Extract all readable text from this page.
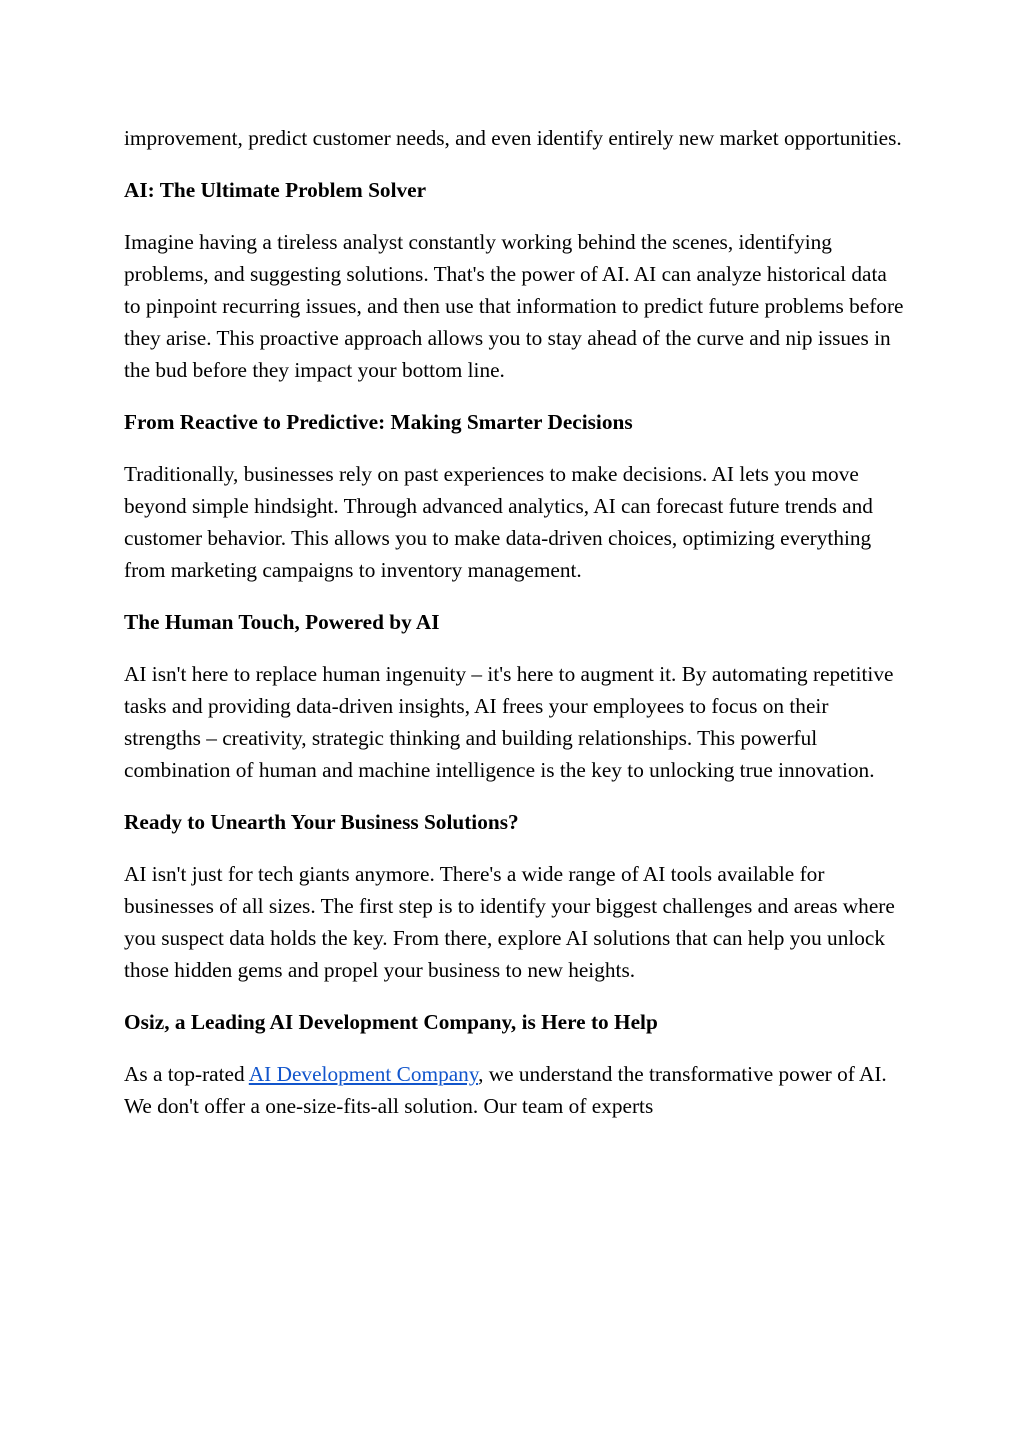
improvement, predict customer needs, and even identify entirely new market opportunities.

AI: The Ultimate Problem Solver

Imagine having a tireless analyst constantly working behind the scenes, identifying problems, and suggesting solutions. That's the power of AI. AI can analyze historical data to pinpoint recurring issues, and then use that information to predict future problems before they arise. This proactive approach allows you to stay ahead of the curve and nip issues in the bud before they impact your bottom line.

From Reactive to Predictive: Making Smarter Decisions

Traditionally, businesses rely on past experiences to make decisions. AI lets you move beyond simple hindsight. Through advanced analytics, AI can forecast future trends and customer behavior. This allows you to make data-driven choices, optimizing everything from marketing campaigns to inventory management.

The Human Touch, Powered by AI

AI isn't here to replace human ingenuity – it's here to augment it. By automating repetitive tasks and providing data-driven insights, AI frees your employees to focus on their strengths – creativity, strategic thinking and building relationships. This powerful combination of human and machine intelligence is the key to unlocking true innovation.

Ready to Unearth Your Business Solutions?

AI isn't just for tech giants anymore. There's a wide range of AI tools available for businesses of all sizes. The first step is to identify your biggest challenges and areas where you suspect data holds the key. From there, explore AI solutions that can help you unlock those hidden gems and propel your business to new heights.

Osiz, a Leading AI Development Company, is Here to Help

As a top-rated AI Development Company, we understand the transformative power of AI. We don't offer a one-size-fits-all solution. Our team of experts
